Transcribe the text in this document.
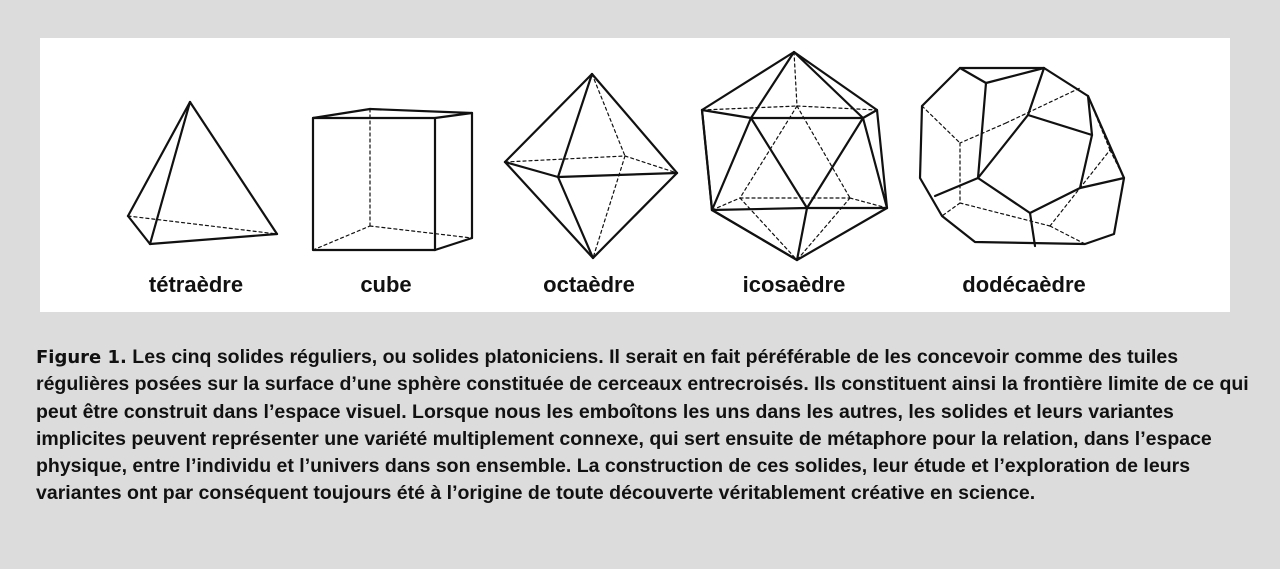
tétraèdre	cube	octaèdre	icosaèdre	dodécaèdre
Figure 1. Les cinq solides réguliers, ou solides platoniciens. Il serait en fait péréférable de les concevoir comme des tuiles régulières posées sur la surface d’une sphère constituée de cerceaux entrecroisés. Ils constituent ainsi la frontière limite de ce qui peut être construit dans l’espace visuel. Lorsque nous les emboîtons les uns dans les autres, les solides et leurs variantes implicites peuvent représenter une variété multiplement connexe, qui sert ensuite de métaphore pour la relation, dans l’espace physique, entre l’individu et l’univers dans son ensemble. La construction de ces solides, leur étude et l’exploration de leurs variantes ont par conséquent toujours été à l’origine de toute découverte véritablement créative en science.
